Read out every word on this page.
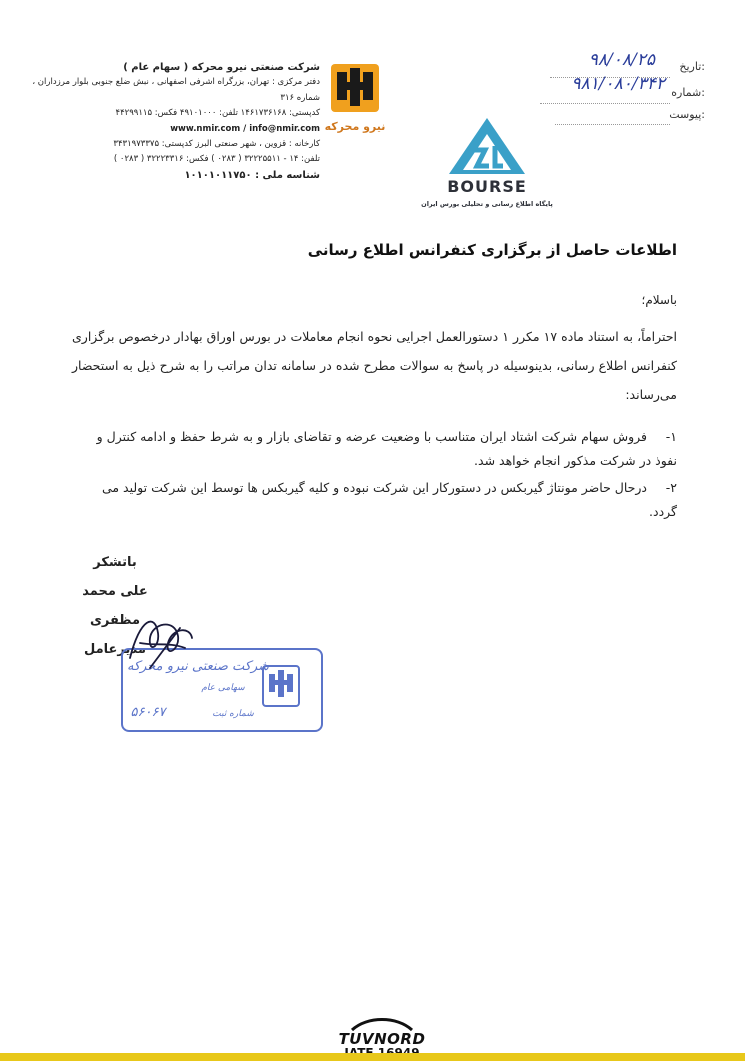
تاریخ:
۹۸/۰۸/۲۵
شماره:
۹۸۱/۰۸۰/۳۴۲
پیوست:
شرکت صنعتی نیرو محرکه ( سهام عام )
دفتر مرکزی : تهران، بزرگراه اشرفی اصفهانی ، نبش ضلع جنوبی بلوار مرزداران ، شماره ۳۱۶
کدپستی: ۱۴۶۱۷۳۶۱۶۸ تلفن: ۴۹۱۰۱۰۰۰ فکس: ۴۴۲۹۹۱۱۵
www.nmir.com / info@nmir.com
کارخانه : قزوین ، شهر صنعتی البرز کدپستی: ۳۴۳۱۹۷۳۳۷۵
تلفن: ۱۴ - ۳۲۲۲۵۵۱۱ ( ۰۲۸۳ ) فکس: ۳۲۲۲۳۳۱۶ ( ۰۲۸۳ )
شناسه ملی : ۱۰۱۰۱۰۱۱۷۵۰
نیرو محرکه
BOURSE
پایگاه اطلاع رسانی و تحلیلی بورس ایران
اطلاعات حاصل از برگزاری کنفرانس اطلاع رسانی
باسلام؛
احتراماً، به استناد ماده ۱۷ مکرر ۱ دستورالعمل اجرایی نحوه انجام معاملات در بورس اوراق بهادار درخصوص برگزاری کنفرانس اطلاع رسانی، بدینوسیله در پاسخ به سوالات مطرح شده در سامانه تدان مراتب را به شرح ذیل به استحضار می‌رساند:
۱-فروش سهام شرکت اشتاد ایران متناسب با وضعیت عرضه و تقاضای بازار و به شرط حفظ و ادامه کنترل و نفوذ در شرکت مذکور انجام خواهد شد.
۲-درحال حاضر مونتاژ گیربکس در دستورکار این شرکت نبوده و کلیه گیربکس ها توسط این شرکت تولید می گردد.
باتشکر
علی محمد مظفری
مدیرعامل
شرکت صنعتی نیرو محرکه
سهامی عام
شماره ثبت
۵۶۰۶۷
TUVNORD
